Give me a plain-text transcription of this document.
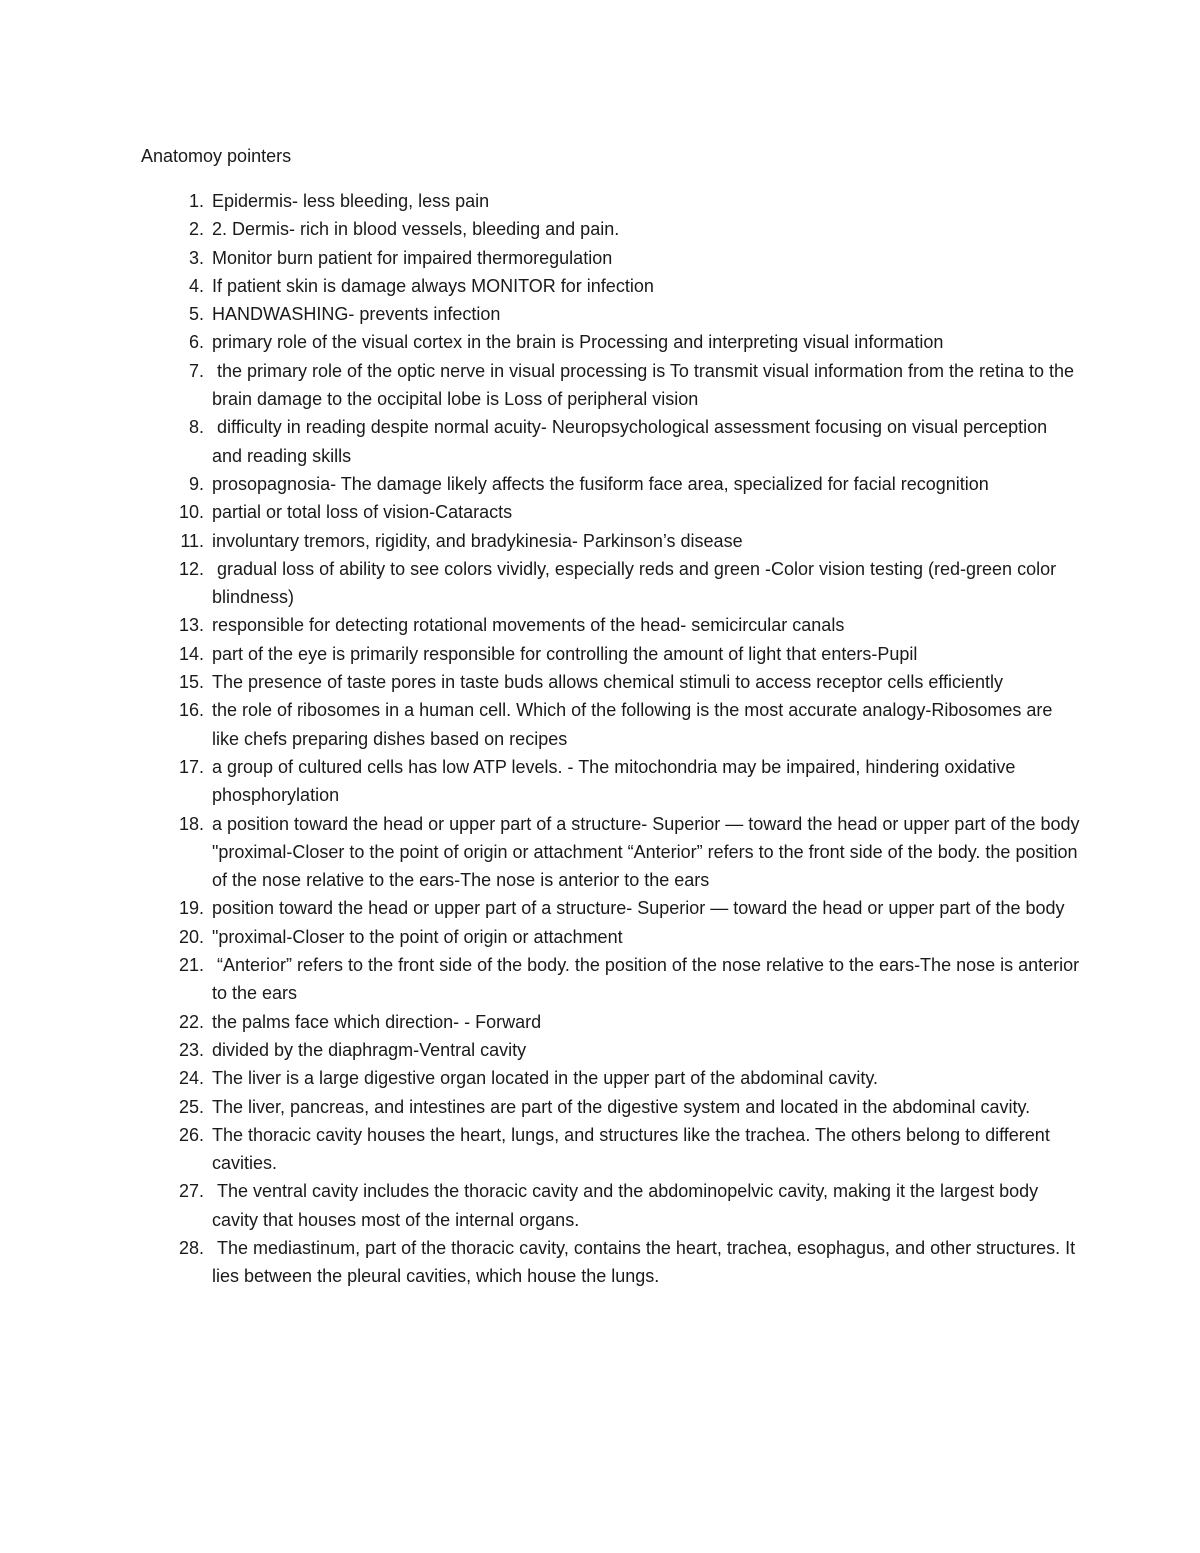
Anatomoy pointers
1. Epidermis- less bleeding, less pain
2. 2. Dermis- rich in blood vessels, bleeding and pain.
3. Monitor burn patient for impaired thermoregulation
4. If patient skin is damage always MONITOR for infection
5. HANDWASHING- prevents infection
6. primary role of the visual cortex in the brain is Processing and interpreting visual information
7. the primary role of the optic nerve in visual processing is To transmit visual information from the retina to the brain damage to the occipital lobe is Loss of peripheral vision
8. difficulty in reading despite normal acuity- Neuropsychological assessment focusing on visual perception and reading skills
9. prosopagnosia- The damage likely affects the fusiform face area, specialized for facial recognition
10. partial or total loss of vision-Cataracts
11. involuntary tremors, rigidity, and bradykinesia- Parkinson’s disease
12. gradual loss of ability to see colors vividly, especially reds and green -Color vision testing (red-green color blindness)
13. responsible for detecting rotational movements of the head- semicircular canals
14. part of the eye is primarily responsible for controlling the amount of light that enters-Pupil
15. The presence of taste pores in taste buds allows chemical stimuli to access receptor cells efficiently
16. the role of ribosomes in a human cell. Which of the following is the most accurate analogy-Ribosomes are like chefs preparing dishes based on recipes
17. a group of cultured cells has low ATP levels. - The mitochondria may be impaired, hindering oxidative phosphorylation
18. a position toward the head or upper part of a structure- Superior — toward the head or upper part of the body "proximal-Closer to the point of origin or attachment “Anterior” refers to the front side of the body. the position of the nose relative to the ears-The nose is anterior to the ears
19. position toward the head or upper part of a structure- Superior — toward the head or upper part of the body
20. "proximal-Closer to the point of origin or attachment
21. “Anterior” refers to the front side of the body. the position of the nose relative to the ears-The nose is anterior to the ears
22. the palms face which direction- - Forward
23. divided by the diaphragm-Ventral cavity
24. The liver is a large digestive organ located in the upper part of the abdominal cavity.
25. The liver, pancreas, and intestines are part of the digestive system and located in the abdominal cavity.
26. The thoracic cavity houses the heart, lungs, and structures like the trachea. The others belong to different cavities.
27. The ventral cavity includes the thoracic cavity and the abdominopelvic cavity, making it the largest body cavity that houses most of the internal organs.
28. The mediastinum, part of the thoracic cavity, contains the heart, trachea, esophagus, and other structures. It lies between the pleural cavities, which house the lungs.
